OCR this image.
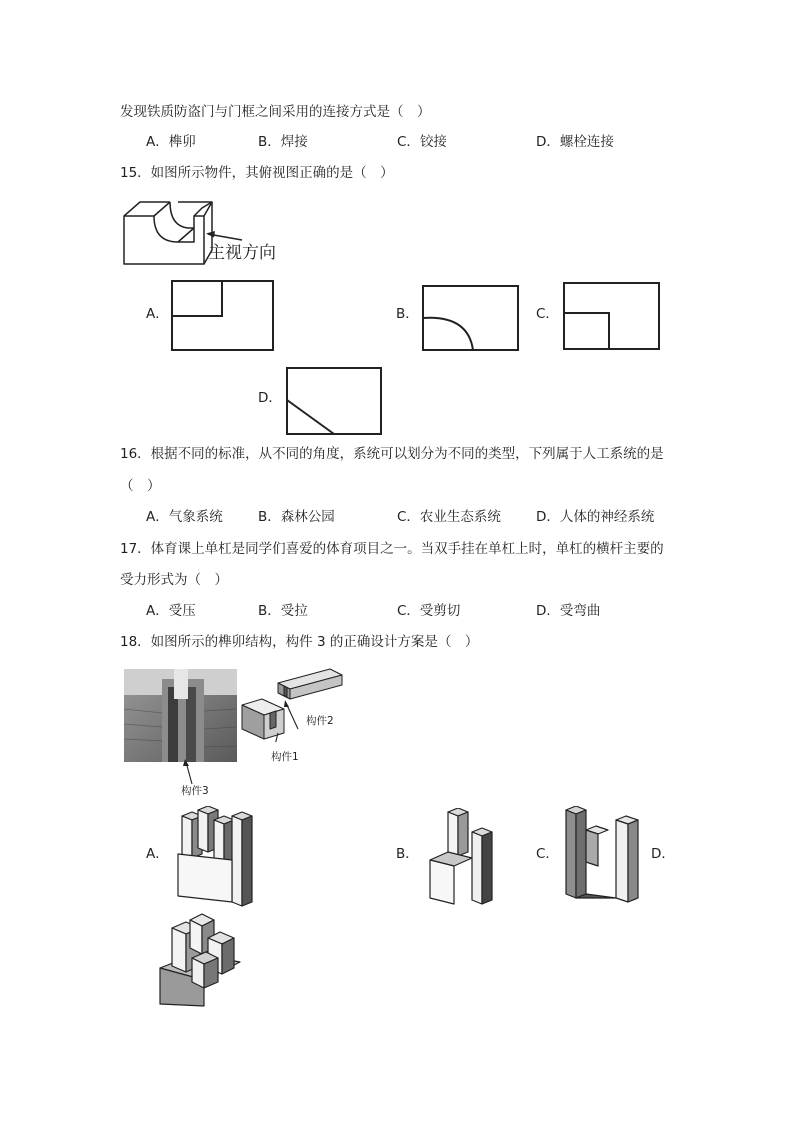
发现铁质防盗门与门框之间采用的连接方式是（　）
A．榫卯	B．焊接	C．铰接	D．螺栓连接
15．如图所示物件，其俯视图正确的是（　）
主视方向
A．	B．	C．
D．
16．根据不同的标准，从不同的角度，系统可以划分为不同的类型，下列属于人工系统的是
（　）
A．气象系统	B．森林公园	C．农业生态系统	D．人体的神经系统
17．体育课上单杠是同学们喜爱的体育项目之一。当双手挂在单杠上时，单杠的横杆主要的
受力形式为（　）
A．受压	B．受拉	C．受剪切	D．受弯曲
18．如图所示的榫卯结构，构件 3 的正确设计方案是（　）
构件2
构件1
构件3
A．	B．	C．	D．
